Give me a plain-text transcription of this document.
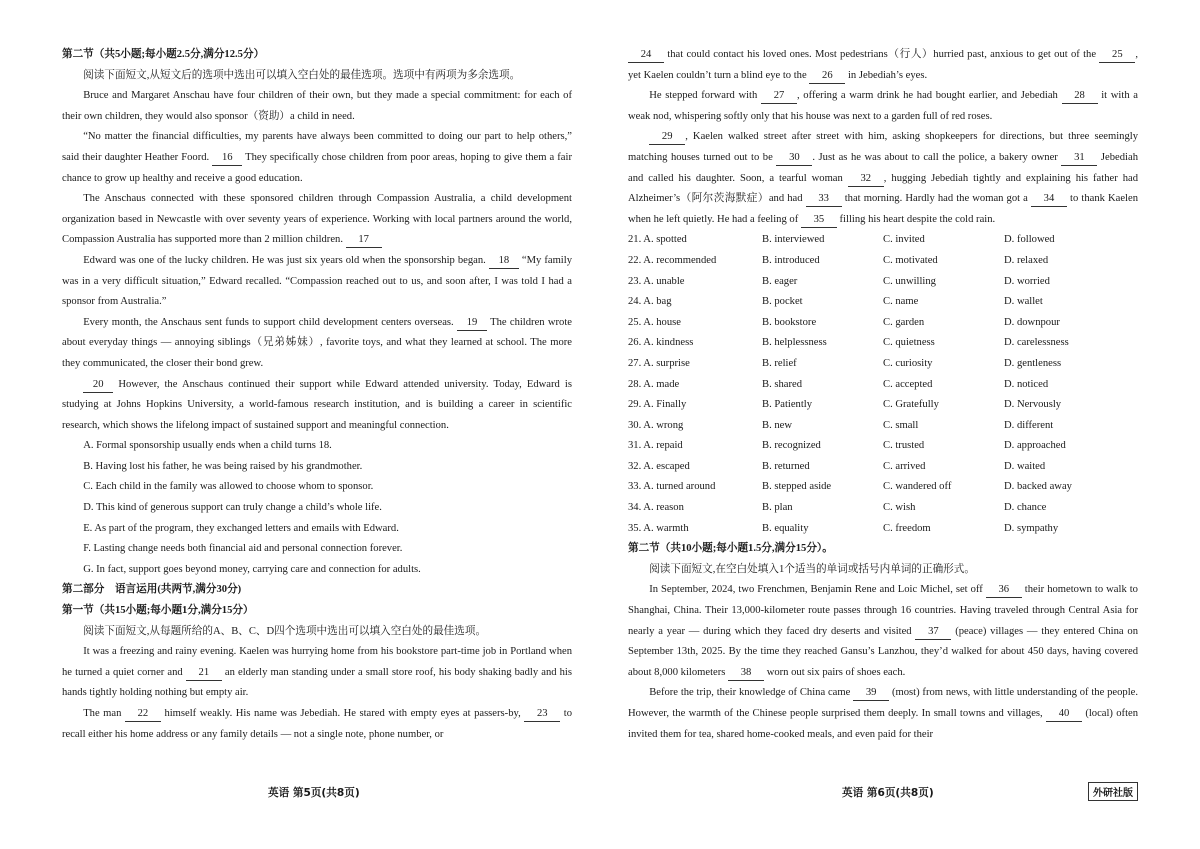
第二节（共5小题;每小题2.5分,满分12.5分）

阅读下面短文,从短文后的选项中选出可以填入空白处的最佳选项。选项中有两项为多余选项。

Bruce and Margaret Anschau have four children of their own, but they made a special commitment: for each of their own children, they would also sponsor（资助）a child in need.

“No matter the financial difficulties, my parents have always been committed to doing our part to help others,” said their daughter Heather Foord. 16 They specifically chose children from poor areas, hoping to give them a fair chance to grow up healthy and receive a good education.

The Anschaus connected with these sponsored children through Compassion Australia, a child development organization based in Newcastle with over seventy years of experience. Working with local partners around the world, Compassion Australia has supported more than 2 million children. 17

Edward was one of the lucky children. He was just six years old when the sponsorship began. 18 “My family was in a very difficult situation,” Edward recalled. “Compassion reached out to us, and soon after, I was told I had a sponsor from Australia.”

Every month, the Anschaus sent funds to support child development centers overseas. 19 The children wrote about everyday things — annoying siblings（兄弟姊妹）, favorite toys, and what they learned at school. The more they communicated, the closer their bond grew.

20 However, the Anschaus continued their support while Edward attended university. Today, Edward is studying at Johns Hopkins University, a world-famous research institution, and is building a career in scientific research, which shows the lifelong impact of sustained support and meaningful connection.

A. Formal sponsorship usually ends when a child turns 18.

B. Having lost his father, he was being raised by his grandmother.

C. Each child in the family was allowed to choose whom to sponsor.

D. This kind of generous support can truly change a child’s whole life.

E. As part of the program, they exchanged letters and emails with Edward.

F. Lasting change needs both financial aid and personal connection forever.

G. In fact, support goes beyond money, carrying care and connection for adults.

第二部分　语言运用(共两节,满分30分)

第一节（共15小题;每小题1分,满分15分）

阅读下面短文,从每题所给的A、B、C、D四个选项中选出可以填入空白处的最佳选项。

It was a freezing and rainy evening. Kaelen was hurrying home from his bookstore part-time job in Portland when he turned a quiet corner and 21 an elderly man standing under a small store roof, his body shaking badly and his hands tightly holding nothing but empty air.

The man 22 himself weakly. His name was Jebediah. He stared with empty eyes at passers-by, 23 to recall either his home address or any family details — not a single note, phone number, or

24 that could contact his loved ones. Most pedestrians（行人）hurried past, anxious to get out of the 25 , yet Kaelen couldn’t turn a blind eye to the 26 in Jebediah’s eyes.

He stepped forward with 27 , offering a warm drink he had bought earlier, and Jebediah 28 it with a weak nod, whispering softly only that his house was next to a garden full of red roses.

29 , Kaelen walked street after street with him, asking shopkeepers for directions, but three seemingly matching houses turned out to be 30 . Just as he was about to call the police, a bakery owner 31 Jebediah and called his daughter. Soon, a tearful woman 32 , hugging Jebediah tightly and explaining his father had Alzheimer’s（阿尔茨海默症）and had 33 that morning. Hardly had the woman got a 34 to thank Kaelen when he left quietly. He had a feeling of 35 filling his heart despite the cold rain.

21. A. spotted	B. interviewed	C. invited	D. followed
22. A. recommended	B. introduced	C. motivated	D. relaxed
23. A. unable	B. eager	C. unwilling	D. worried
24. A. bag	B. pocket	C. name	D. wallet
25. A. house	B. bookstore	C. garden	D. downpour
26. A. kindness	B. helplessness	C. quietness	D. carelessness
27. A. surprise	B. relief	C. curiosity	D. gentleness
28. A. made	B. shared	C. accepted	D. noticed
29. A. Finally	B. Patiently	C. Gratefully	D. Nervously
30. A. wrong	B. new	C. small	D. different
31. A. repaid	B. recognized	C. trusted	D. approached
32. A. escaped	B. returned	C. arrived	D. waited
33. A. turned around	B. stepped aside	C. wandered off	D. backed away
34. A. reason	B. plan	C. wish	D. chance
35. A. warmth	B. equality	C. freedom	D. sympathy

第二节（共10小题;每小题1.5分,满分15分）。

阅读下面短文,在空白处填入1个适当的单词或括号内单词的正确形式。

In September, 2024, two Frenchmen, Benjamin Rene and Loic Michel, set off 36 their hometown to walk to Shanghai, China. Their 13,000-kilometer route passes through 16 countries. Having traveled through Central Asia for nearly a year — during which they faced dry deserts and visited 37 (peace) villages — they entered China on September 13th, 2025. By the time they reached Gansu’s Lanzhou, they’d walked for about 450 days, having covered about 8,000 kilometers 38 worn out six pairs of shoes each.

Before the trip, their knowledge of China came 39 (most) from news, with little understanding of the people. However, the warmth of the Chinese people surprised them deeply. In small towns and villages, 40 (local) often invited them for tea, shared home-cooked meals, and even paid for their

英语 第5页(共8页)	英语 第6页(共8页)	外研社版
